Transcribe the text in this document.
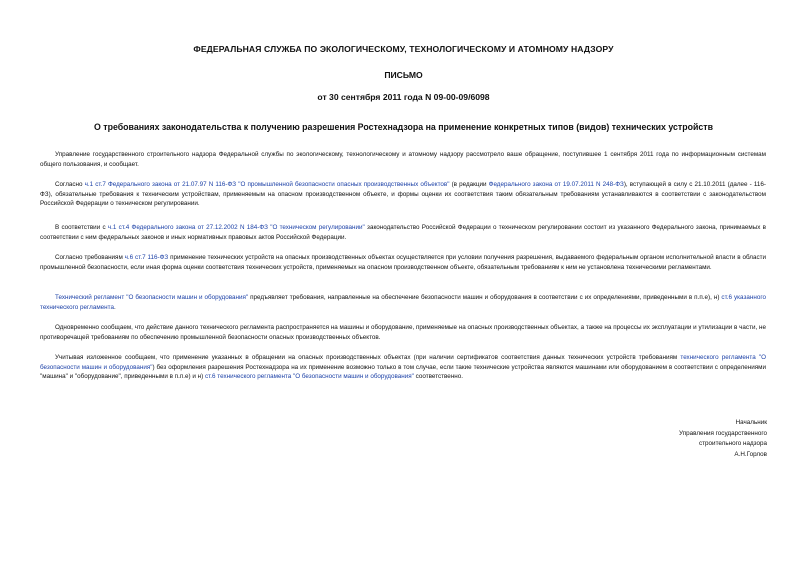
ФЕДЕРАЛЬНАЯ СЛУЖБА ПО ЭКОЛОГИЧЕСКОМУ, ТЕХНОЛОГИЧЕСКОМУ И АТОМНОМУ НАДЗОРУ
ПИСЬМО
от 30 сентября 2011 года N 09-00-09/6098
О требованиях законодательства к получению разрешения Ростехнадзора на применение конкретных типов (видов) технических устройств

Управление государственного строительного надзора Федеральной службы по экологическому, технологическому и атомному надзору рассмотрело ваше обращение, поступившее 1 сентября 2011 года по информационным системам общего пользования, и сообщает.

Согласно ч.1 ст.7 Федерального закона от 21.07.97 N 116-ФЗ "О промышленной безопасности опасных производственных объектов" (в редакции Федерального закона от 19.07.2011 N 248-ФЗ), вступающей в силу с 21.10.2011 (далее - 116-ФЗ), обязательные требования к техническим устройствам, применяемым на опасном производственном объекте, и формы оценки их соответствия таким обязательным требованиям устанавливаются в соответствии с законодательством Российской Федерации о техническом регулировании.

В соответствии с ч.1 ст.4 Федерального закона от 27.12.2002 N 184-ФЗ "О техническом регулировании" законодательство Российской Федерации о техническом регулировании состоит из указанного Федерального закона, принимаемых в соответствии с ним федеральных законов и иных нормативных правовых актов Российской Федерации.

Согласно требованиям ч.6 ст.7 116-ФЗ применение технических устройств на опасных производственных объектах осуществляется при условии получения разрешения, выдаваемого федеральным органом исполнительной власти в области промышленной безопасности, если иная форма оценки соответствия технических устройств, применяемых на опасном производственном объекте, обязательным требованиям к ним не установлена техническими регламентами.

Технический регламент "О безопасности машин и оборудования" предъявляет требования, направленные на обеспечение безопасности машин и оборудования в соответствии с их определениями, приведенными в п.п.е), н) ст.6 указанного технического регламента.

Одновременно сообщаем, что действие данного технического регламента распространяется на машины и оборудование, применяемые на опасных производственных объектах, а также на процессы их эксплуатации и утилизации в части, не противоречащей требованиям по обеспечению промышленной безопасности опасных производственных объектов.

Учитывая изложенное сообщаем, что применение указанных в обращении на опасных производственных объектах (при наличии сертификатов соответствия данных технических устройств требованиям технического регламента "О безопасности машин и оборудования") без оформления разрешения Ростехнадзора на их применение возможно только в том случае, если такие технические устройства являются машинами или оборудованием в соответствии с определениями "машина" и "оборудование", приведенными в п.п.е) и н) ст.6 технического регламента "О безопасности машин и оборудования" соответственно.

Начальник
Управления государственного
строительного надзора
А.Н.Горлов
